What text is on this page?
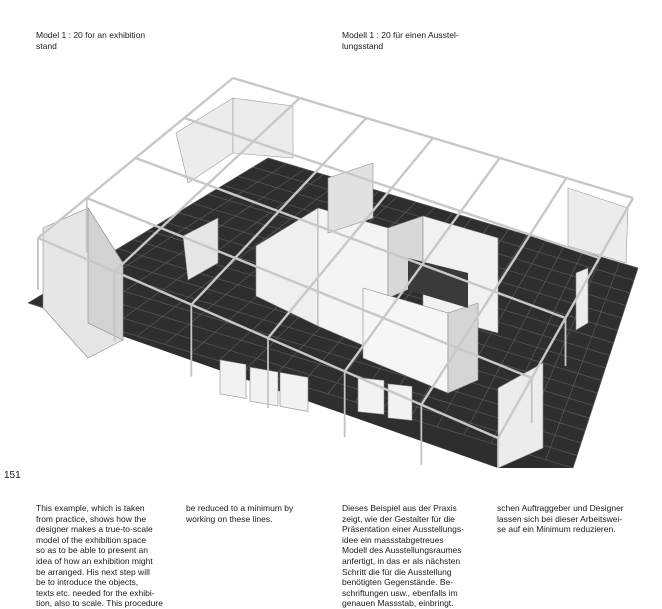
Model 1 : 20 for an exhibition
stand
Modell 1 : 20 für einen Ausstel-
lungsstand
151
This example, which is taken
from practice, shows how the
designer makes a true-to-scale
model of the exhibition space
so as to be able to present an
idea of how an exhibition might
be arranged. His next step will
be to introduce the objects,
texts etc. needed for the exhibi-
tion, also to scale. This procedure
be reduced to a minimum by
working on these lines.
Dieses Beispiel aus der Praxis
zeigt, wie der Gestalter für die
Präsentation einer Ausstellungs-
idee ein massstabgetreues
Modell des Ausstellungsraumes
anfertigt, in das er als nächsten
Schritt die für die Ausstellung
benötigten Gegenstände. Be-
schriftungen usw., ebenfalls im
genauen Massstab, einbringt.
schen Auftraggeber und Designer
lassen sich bei dieser Arbeitswei-
se auf ein Minimum reduzieren.
